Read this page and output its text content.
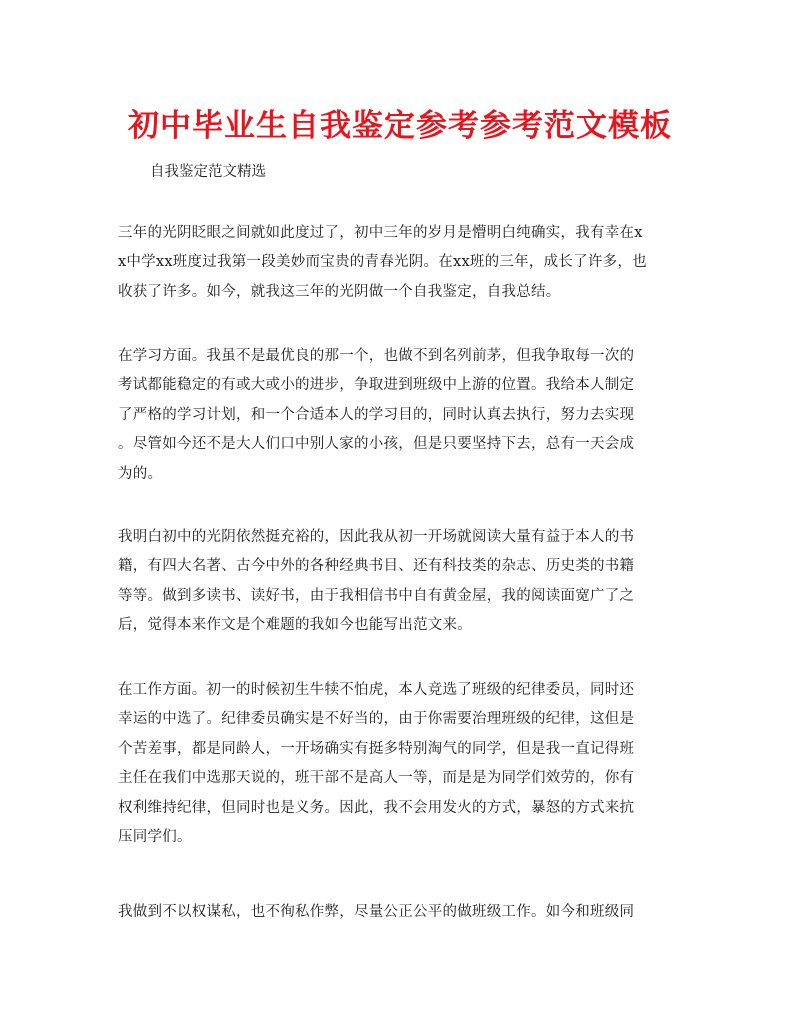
初中毕业生自我鉴定参考参考范文模板

自我鉴定范文精选

三年的光阴眨眼之间就如此度过了，初中三年的岁月是懵明白纯确实，我有幸在x
x中学xx班度过我第一段美妙而宝贵的青春光阴。在xx班的三年，成长了许多，也
收获了许多。如今，就我这三年的光阴做一个自我鉴定，自我总结。

在学习方面。我虽不是最优良的那一个，也做不到名列前茅，但我争取每一次的
考试都能稳定的有或大或小的进步，争取进到班级中上游的位置。我给本人制定
了严格的学习计划，和一个合适本人的学习目的，同时认真去执行，努力去实现
。尽管如今还不是大人们口中别人家的小孩，但是只要坚持下去，总有一天会成
为的。

我明白初中的光阴依然挺充裕的，因此我从初一开场就阅读大量有益于本人的书
籍，有四大名著、古今中外的各种经典书目、还有科技类的杂志、历史类的书籍
等等。做到多读书、读好书，由于我相信书中自有黄金屋，我的阅读面宽广了之
后，觉得本来作文是个难题的我如今也能写出范文来。

在工作方面。初一的时候初生牛犊不怕虎，本人竞选了班级的纪律委员，同时还
幸运的中选了。纪律委员确实是不好当的，由于你需要治理班级的纪律，这但是
个苦差事，都是同龄人，一开场确实有挺多特别淘气的同学，但是我一直记得班
主任在我们中选那天说的，班干部不是高人一等，而是是为同学们效劳的，你有
权利维持纪律，但同时也是义务。因此，我不会用发火的方式，暴怒的方式来抗
压同学们。

我做到不以权谋私，也不徇私作弊，尽量公正公平的做班级工作。如今和班级同
